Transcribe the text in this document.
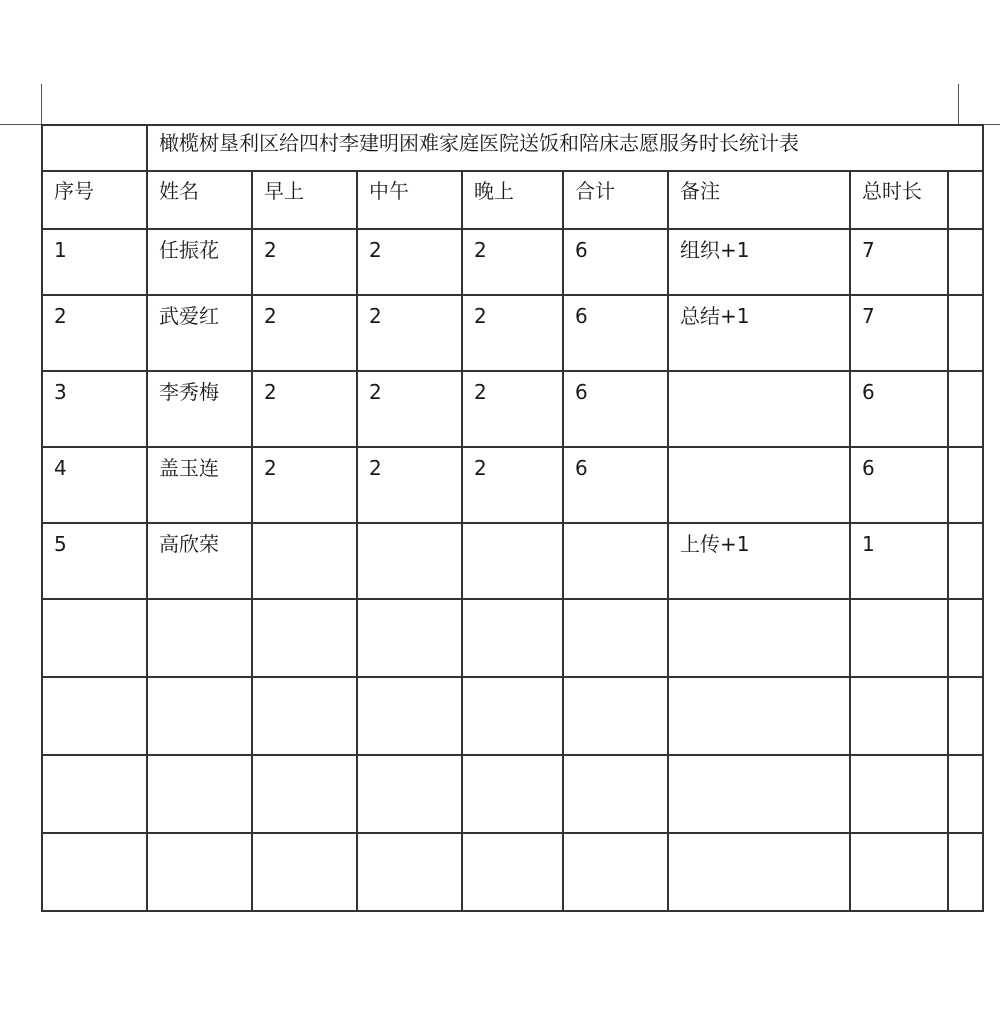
	橄榄树垦利区给四村李建明困难家庭医院送饭和陪床志愿服务时长统计表							
序号	姓名	早上	中午	晚上	合计	备注	总时长	
1	任振花	2	2	2	6	组织+1	7	
2	武爱红	2	2	2	6	总结+1	7	
3	李秀梅	2	2	2	6		6	
4	盖玉连	2	2	2	6		6	
5	高欣荣					上传+1	1	
